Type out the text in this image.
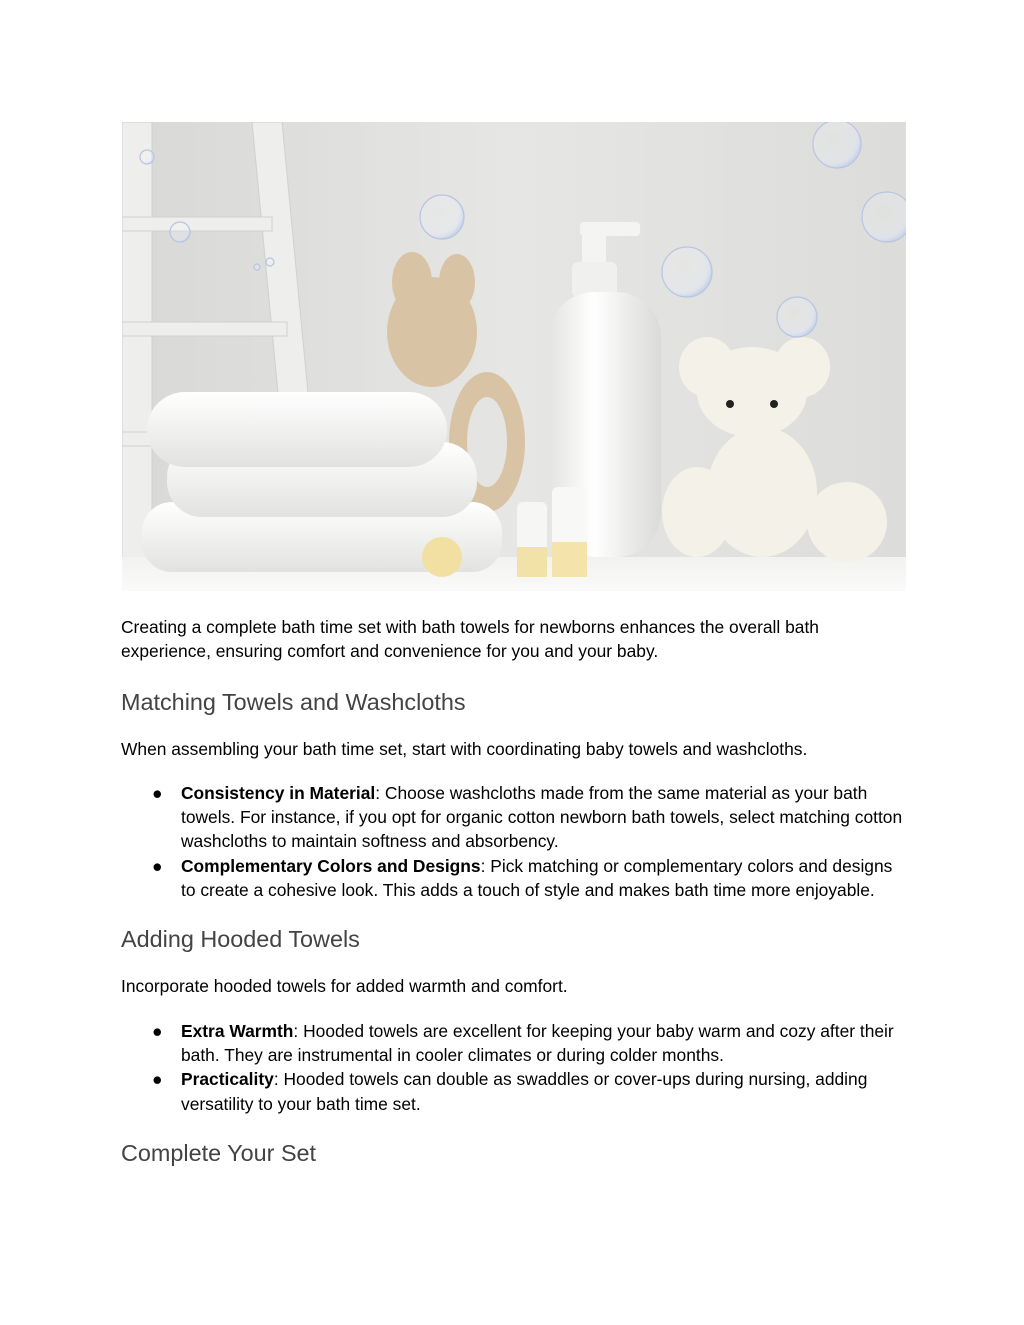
Creating a complete bath time set with bath towels for newborns enhances the overall bath experience, ensuring comfort and convenience for you and your baby.

Matching Towels and Washcloths

When assembling your bath time set, start with coordinating baby towels and washcloths.

● Consistency in Material: Choose washcloths made from the same material as your bath towels. For instance, if you opt for organic cotton newborn bath towels, select matching cotton washcloths to maintain softness and absorbency.
● Complementary Colors and Designs: Pick matching or complementary colors and designs to create a cohesive look. This adds a touch of style and makes bath time more enjoyable.
Adding Hooded Towels

Incorporate hooded towels for added warmth and comfort.

● Extra Warmth: Hooded towels are excellent for keeping your baby warm and cozy after their bath. They are instrumental in cooler climates or during colder months.
● Practicality: Hooded towels can double as swaddles or cover-ups during nursing, adding versatility to your bath time set.
Complete Your Set
